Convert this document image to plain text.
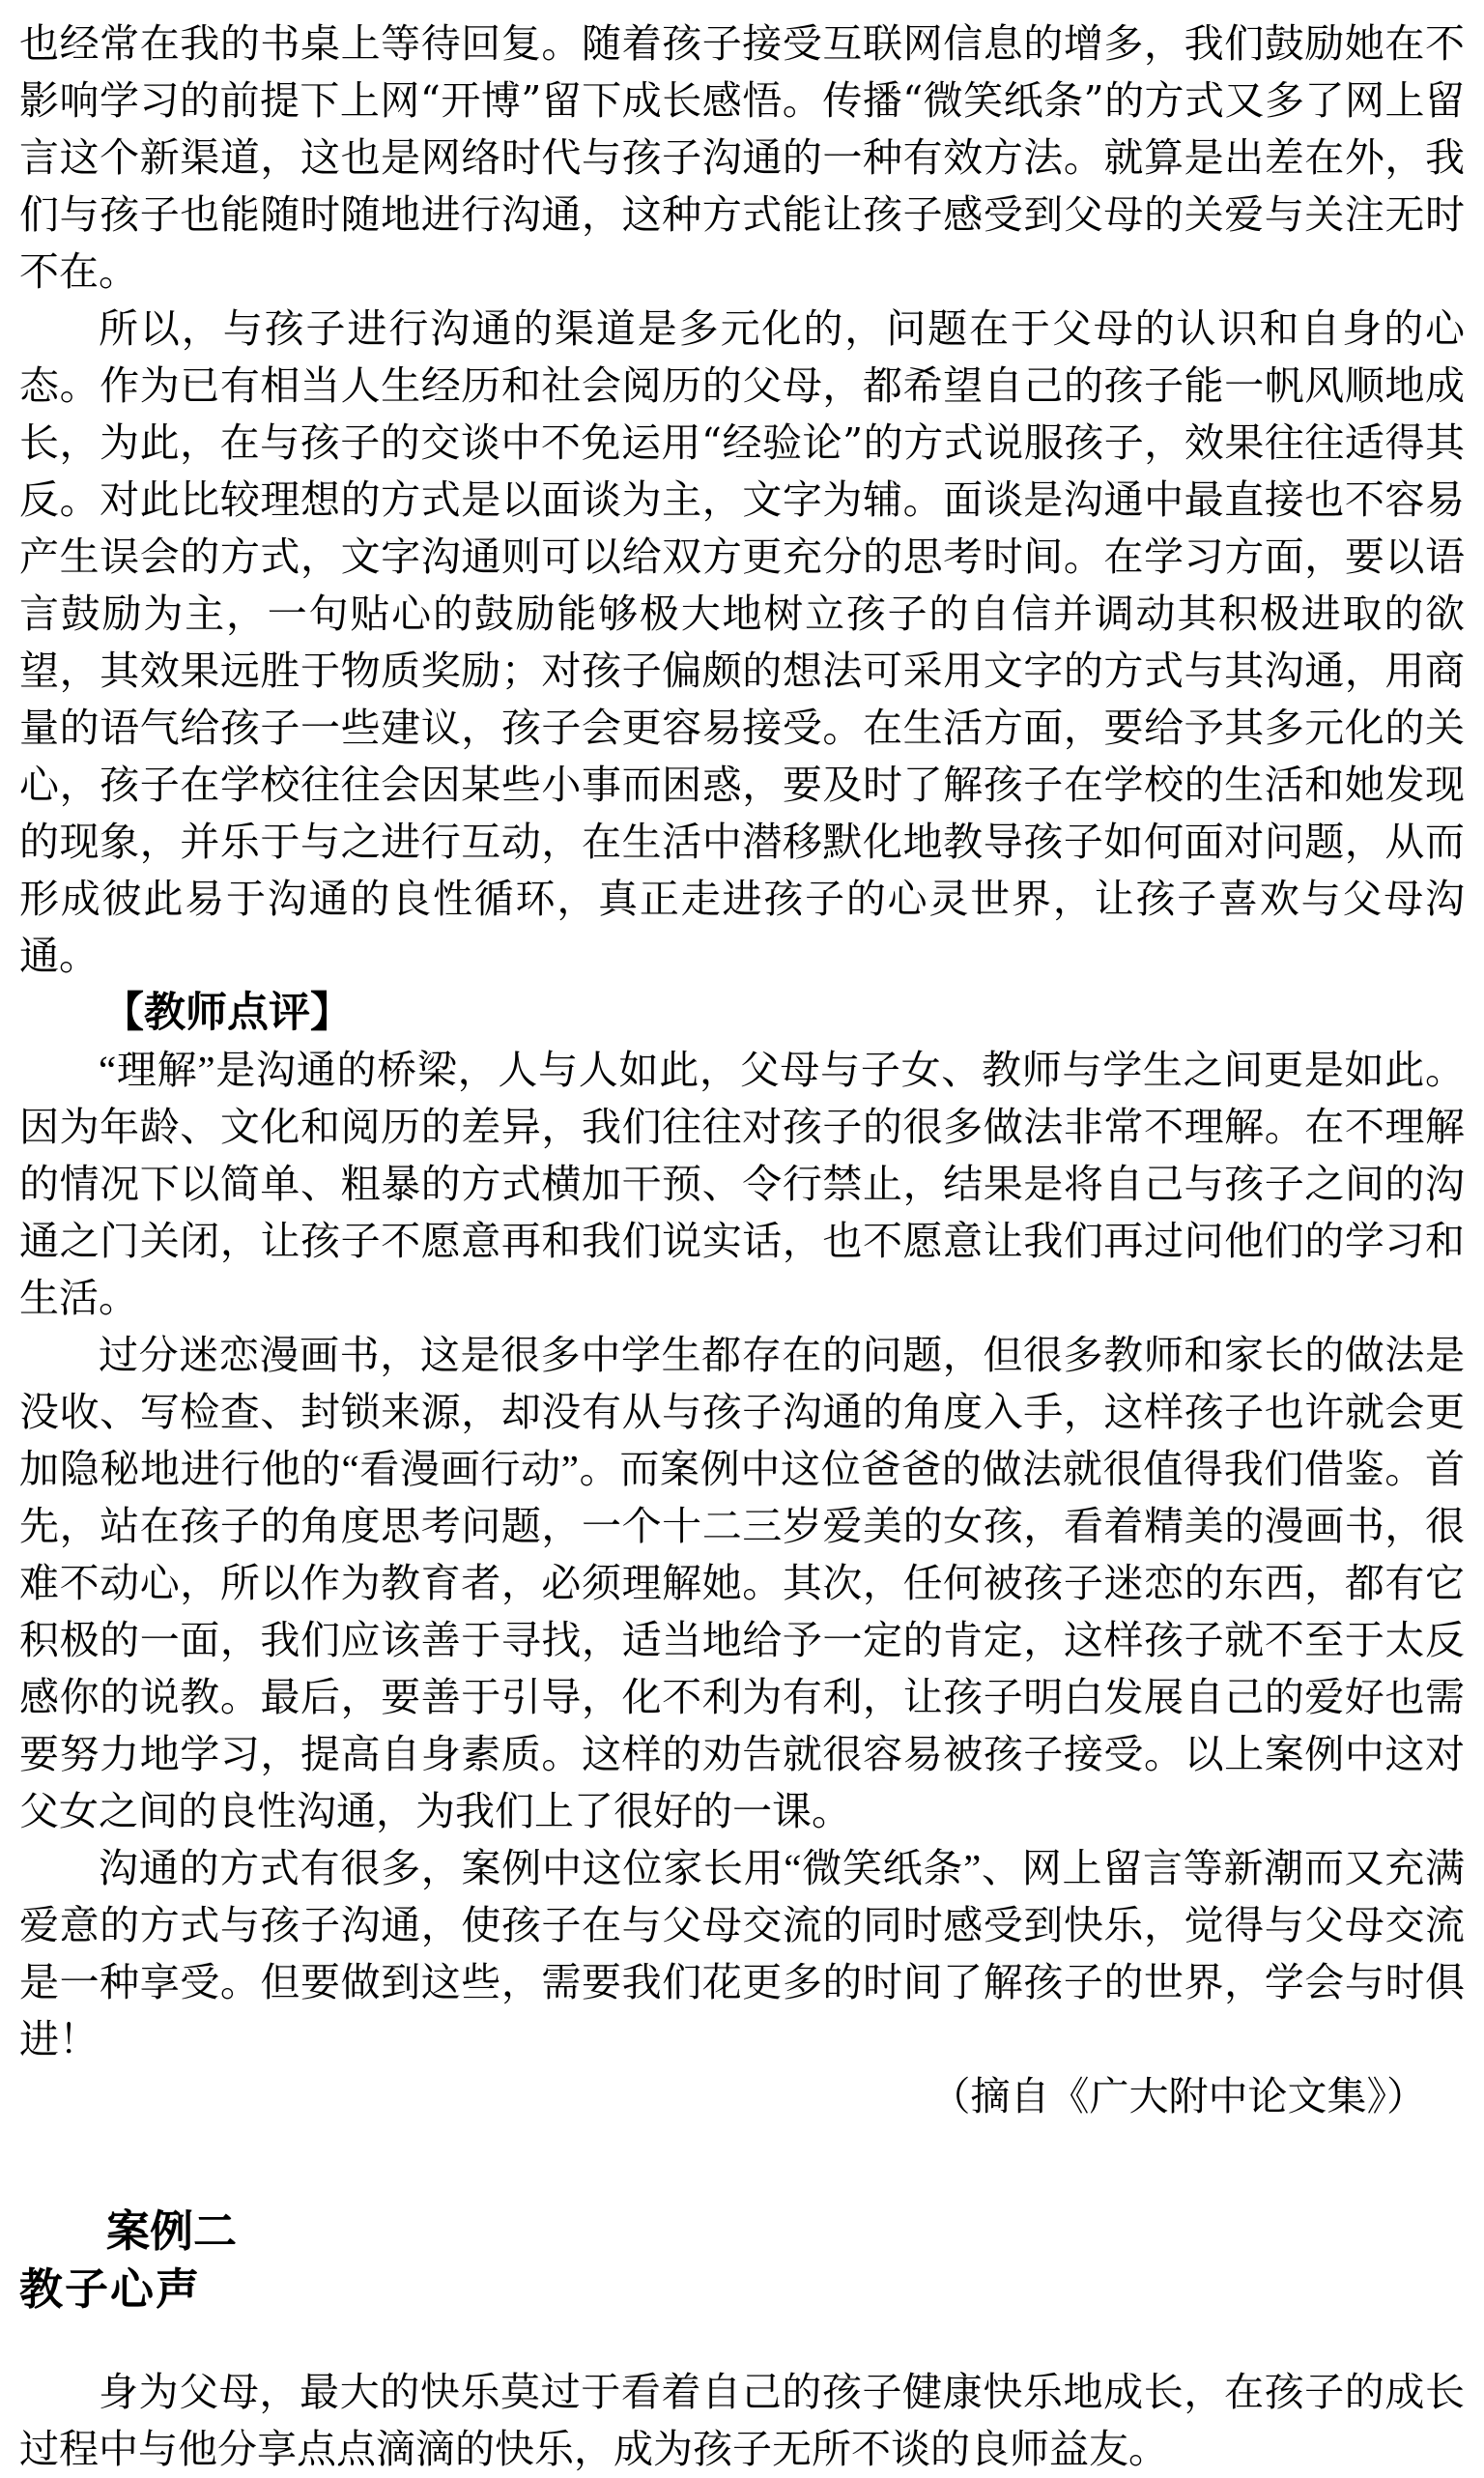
也经常在我的书桌上等待回复。随着孩子接受互联网信息的增多，我们鼓励她在不影响学习的前提下上网“开博”留下成长感悟。传播“微笑纸条”的方式又多了网上留言这个新渠道，这也是网络时代与孩子沟通的一种有效方法。就算是出差在外，我们与孩子也能随时随地进行沟通，这种方式能让孩子感受到父母的关爱与关注无时不在。

所以，与孩子进行沟通的渠道是多元化的，问题在于父母的认识和自身的心态。作为已有相当人生经历和社会阅历的父母，都希望自己的孩子能一帆风顺地成长，为此，在与孩子的交谈中不免运用“经验论”的方式说服孩子，效果往往适得其反。对此比较理想的方式是以面谈为主，文字为辅。面谈是沟通中最直接也不容易产生误会的方式，文字沟通则可以给双方更充分的思考时间。在学习方面，要以语言鼓励为主，一句贴心的鼓励能够极大地树立孩子的自信并调动其积极进取的欲望，其效果远胜于物质奖励；对孩子偏颇的想法可采用文字的方式与其沟通，用商量的语气给孩子一些建议，孩子会更容易接受。在生活方面，要给予其多元化的关心，孩子在学校往往会因某些小事而困惑，要及时了解孩子在学校的生活和她发现的现象，并乐于与之进行互动，在生活中潜移默化地教导孩子如何面对问题，从而形成彼此易于沟通的良性循环，真正走进孩子的心灵世界，让孩子喜欢与父母沟通。

【教师点评】

“理解”是沟通的桥梁，人与人如此，父母与子女、教师与学生之间更是如此。因为年龄、文化和阅历的差异，我们往往对孩子的很多做法非常不理解。在不理解的情况下以简单、粗暴的方式横加干预、令行禁止，结果是将自己与孩子之间的沟通之门关闭，让孩子不愿意再和我们说实话，也不愿意让我们再过问他们的学习和生活。

过分迷恋漫画书，这是很多中学生都存在的问题，但很多教师和家长的做法是没收、写检查、封锁来源，却没有从与孩子沟通的角度入手，这样孩子也许就会更加隐秘地进行他的“看漫画行动”。而案例中这位爸爸的做法就很值得我们借鉴。首先，站在孩子的角度思考问题，一个十二三岁爱美的女孩，看着精美的漫画书，很难不动心，所以作为教育者，必须理解她。其次，任何被孩子迷恋的东西，都有它积极的一面，我们应该善于寻找，适当地给予一定的肯定，这样孩子就不至于太反感你的说教。最后，要善于引导，化不利为有利，让孩子明白发展自己的爱好也需要努力地学习，提高自身素质。这样的劝告就很容易被孩子接受。以上案例中这对父女之间的良性沟通，为我们上了很好的一课。

沟通的方式有很多，案例中这位家长用“微笑纸条”、网上留言等新潮而又充满爱意的方式与孩子沟通，使孩子在与父母交流的同时感受到快乐，觉得与父母交流是一种享受。但要做到这些，需要我们花更多的时间了解孩子的世界，学会与时俱进！

（摘自《广大附中论文集》）

案例二

教子心声

身为父母，最大的快乐莫过于看着自己的孩子健康快乐地成长，在孩子的成长过程中与他分享点点滴滴的快乐，成为孩子无所不谈的良师益友。
